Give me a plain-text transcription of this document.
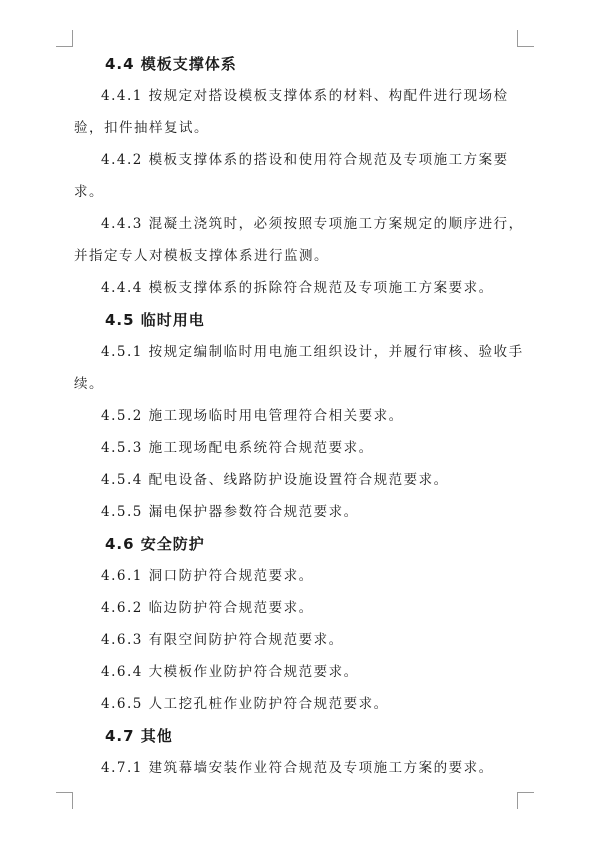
4.4 模板支撑体系
4.4.1 按规定对搭设模板支撑体系的材料、构配件进行现场检
验，扣件抽样复试。
4.4.2 模板支撑体系的搭设和使用符合规范及专项施工方案要
求。
4.4.3 混凝土浇筑时，必须按照专项施工方案规定的顺序进行，
并指定专人对模板支撑体系进行监测。
4.4.4 模板支撑体系的拆除符合规范及专项施工方案要求。
4.5 临时用电
4.5.1 按规定编制临时用电施工组织设计，并履行审核、验收手
续。
4.5.2 施工现场临时用电管理符合相关要求。
4.5.3 施工现场配电系统符合规范要求。
4.5.4 配电设备、线路防护设施设置符合规范要求。
4.5.5 漏电保护器参数符合规范要求。
4.6 安全防护
4.6.1 洞口防护符合规范要求。
4.6.2 临边防护符合规范要求。
4.6.3 有限空间防护符合规范要求。
4.6.4 大模板作业防护符合规范要求。
4.6.5 人工挖孔桩作业防护符合规范要求。
4.7 其他
4.7.1 建筑幕墙安装作业符合规范及专项施工方案的要求。
